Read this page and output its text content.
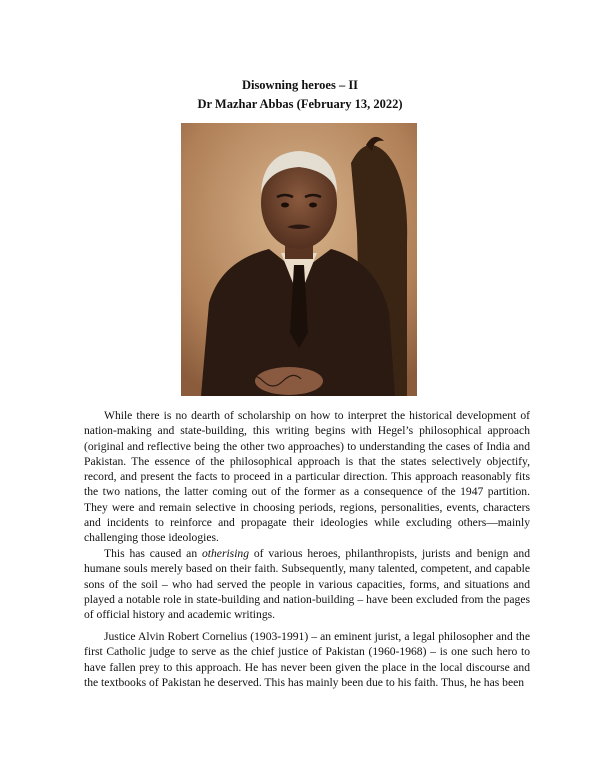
Disowning heroes – II
Dr Mazhar Abbas (February 13, 2022)

While there is no dearth of scholarship on how to interpret the historical development of nation-making and state-building, this writing begins with Hegel’s philosophical approach (original and reflective being the other two approaches) to understanding the cases of India and Pakistan. The essence of the philosophical approach is that the states selectively objectify, record, and present the facts to proceed in a particular direction. This approach reasonably fits the two nations, the latter coming out of the former as a consequence of the 1947 partition. They were and remain selective in choosing periods, regions, personalities, events, characters and incidents to reinforce and propagate their ideologies while excluding others—mainly challenging those ideologies.

This has caused an otherising of various heroes, philanthropists, jurists and benign and humane souls merely based on their faith. Subsequently, many talented, competent, and capable sons of the soil – who had served the people in various capacities, forms, and situations and played a notable role in state-building and nation-building – have been excluded from the pages of official history and academic writings.

Justice Alvin Robert Cornelius (1903-1991) – an eminent jurist, a legal philosopher and the first Catholic judge to serve as the chief justice of Pakistan (1960-1968) – is one such hero to have fallen prey to this approach. He has never been given the place in the local discourse and the textbooks of Pakistan he deserved. This has mainly been due to his faith. Thus, he has been
